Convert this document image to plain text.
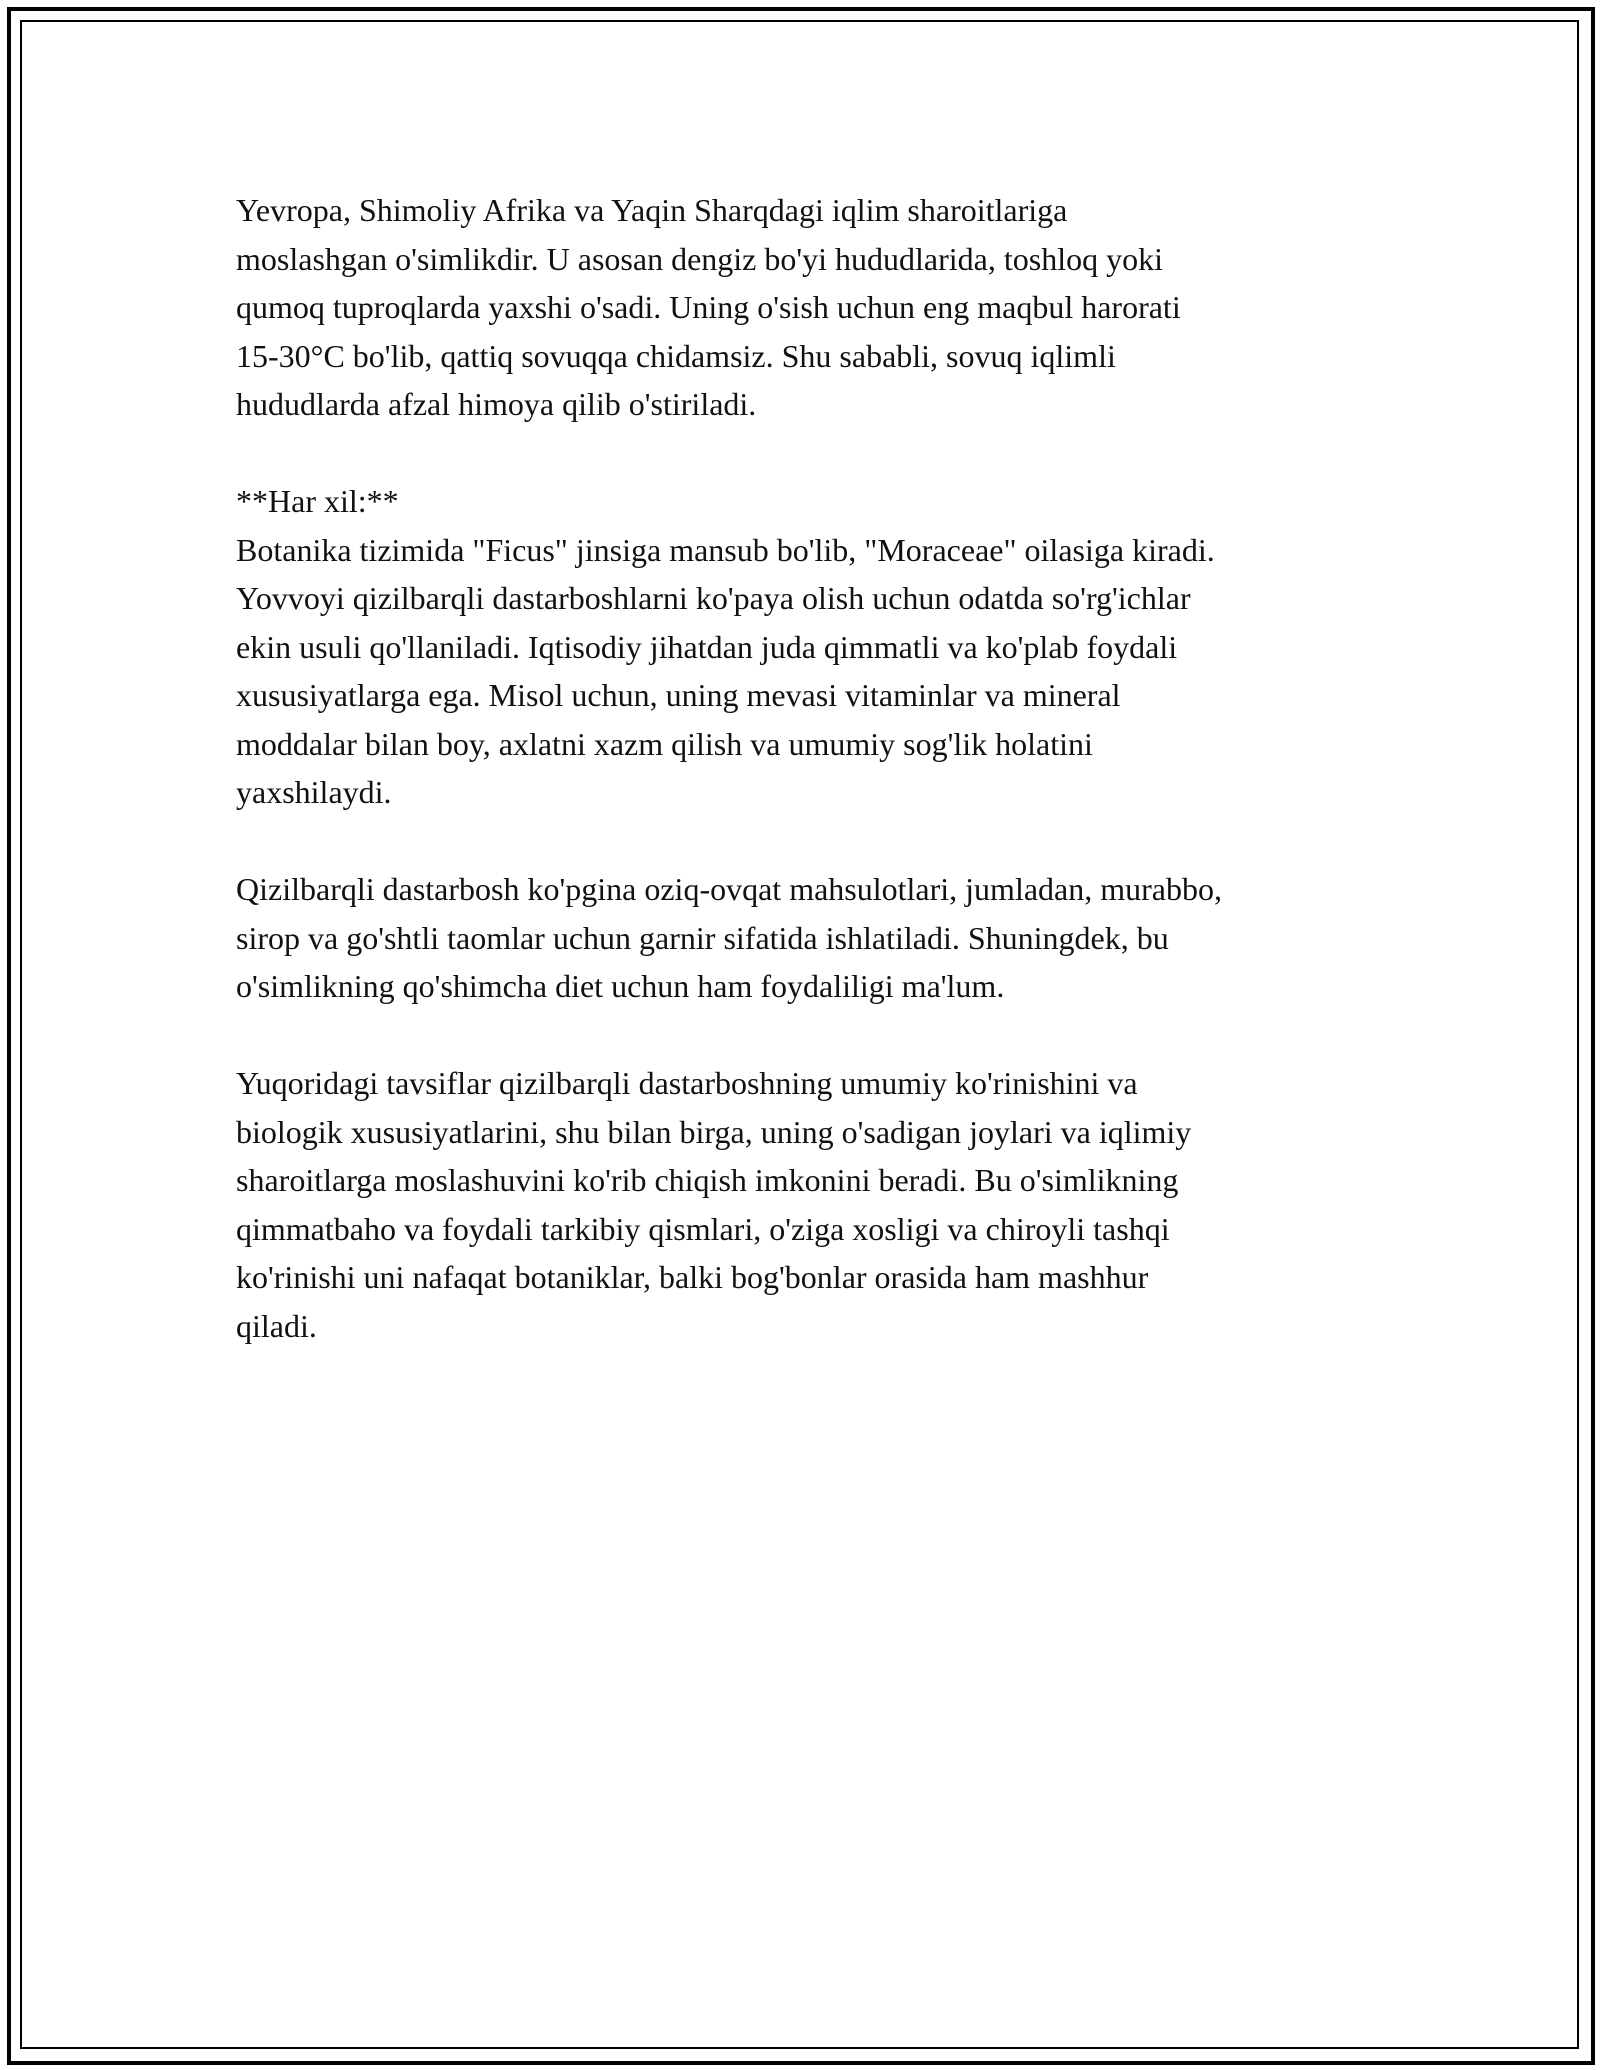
Yevropa, Shimoliy Afrika va Yaqin Sharqdagi iqlim sharoitlariga
moslashgan o'simlikdir. U asosan dengiz bo'yi hududlarida, toshloq yoki
qumoq tuproqlarda yaxshi o'sadi. Uning o'sish uchun eng maqbul harorati
15-30°C bo'lib, qattiq sovuqqa chidamsiz. Shu sababli, sovuq iqlimli
hududlarda afzal himoya qilib o'stiriladi.

**Har xil:**
Botanika tizimida "Ficus" jinsiga mansub bo'lib, "Moraceae" oilasiga kiradi.
Yovvoyi qizilbarqli dastarboshlarni ko'paya olish uchun odatda so'rg'ichlar
ekin usuli qo'llaniladi. Iqtisodiy jihatdan juda qimmatli va ko'plab foydali
xususiyatlarga ega. Misol uchun, uning mevasi vitaminlar va mineral
moddalar bilan boy, axlatni xazm qilish va umumiy sog'lik holatini
yaxshilaydi.

Qizilbarqli dastarbosh ko'pgina oziq-ovqat mahsulotlari, jumladan, murabbo,
sirop va go'shtli taomlar uchun garnir sifatida ishlatiladi. Shuningdek, bu
o'simlikning qo'shimcha diet uchun ham foydaliligi ma'lum.

Yuqoridagi tavsiflar qizilbarqli dastarboshning umumiy ko'rinishini va
biologik xususiyatlarini, shu bilan birga, uning o'sadigan joylari va iqlimiy
sharoitlarga moslashuvini ko'rib chiqish imkonini beradi. Bu o'simlikning
qimmatbaho va foydali tarkibiy qismlari, o'ziga xosligi va chiroyli tashqi
ko'rinishi uni nafaqat botaniklar, balki bog'bonlar orasida ham mashhur
qiladi.
